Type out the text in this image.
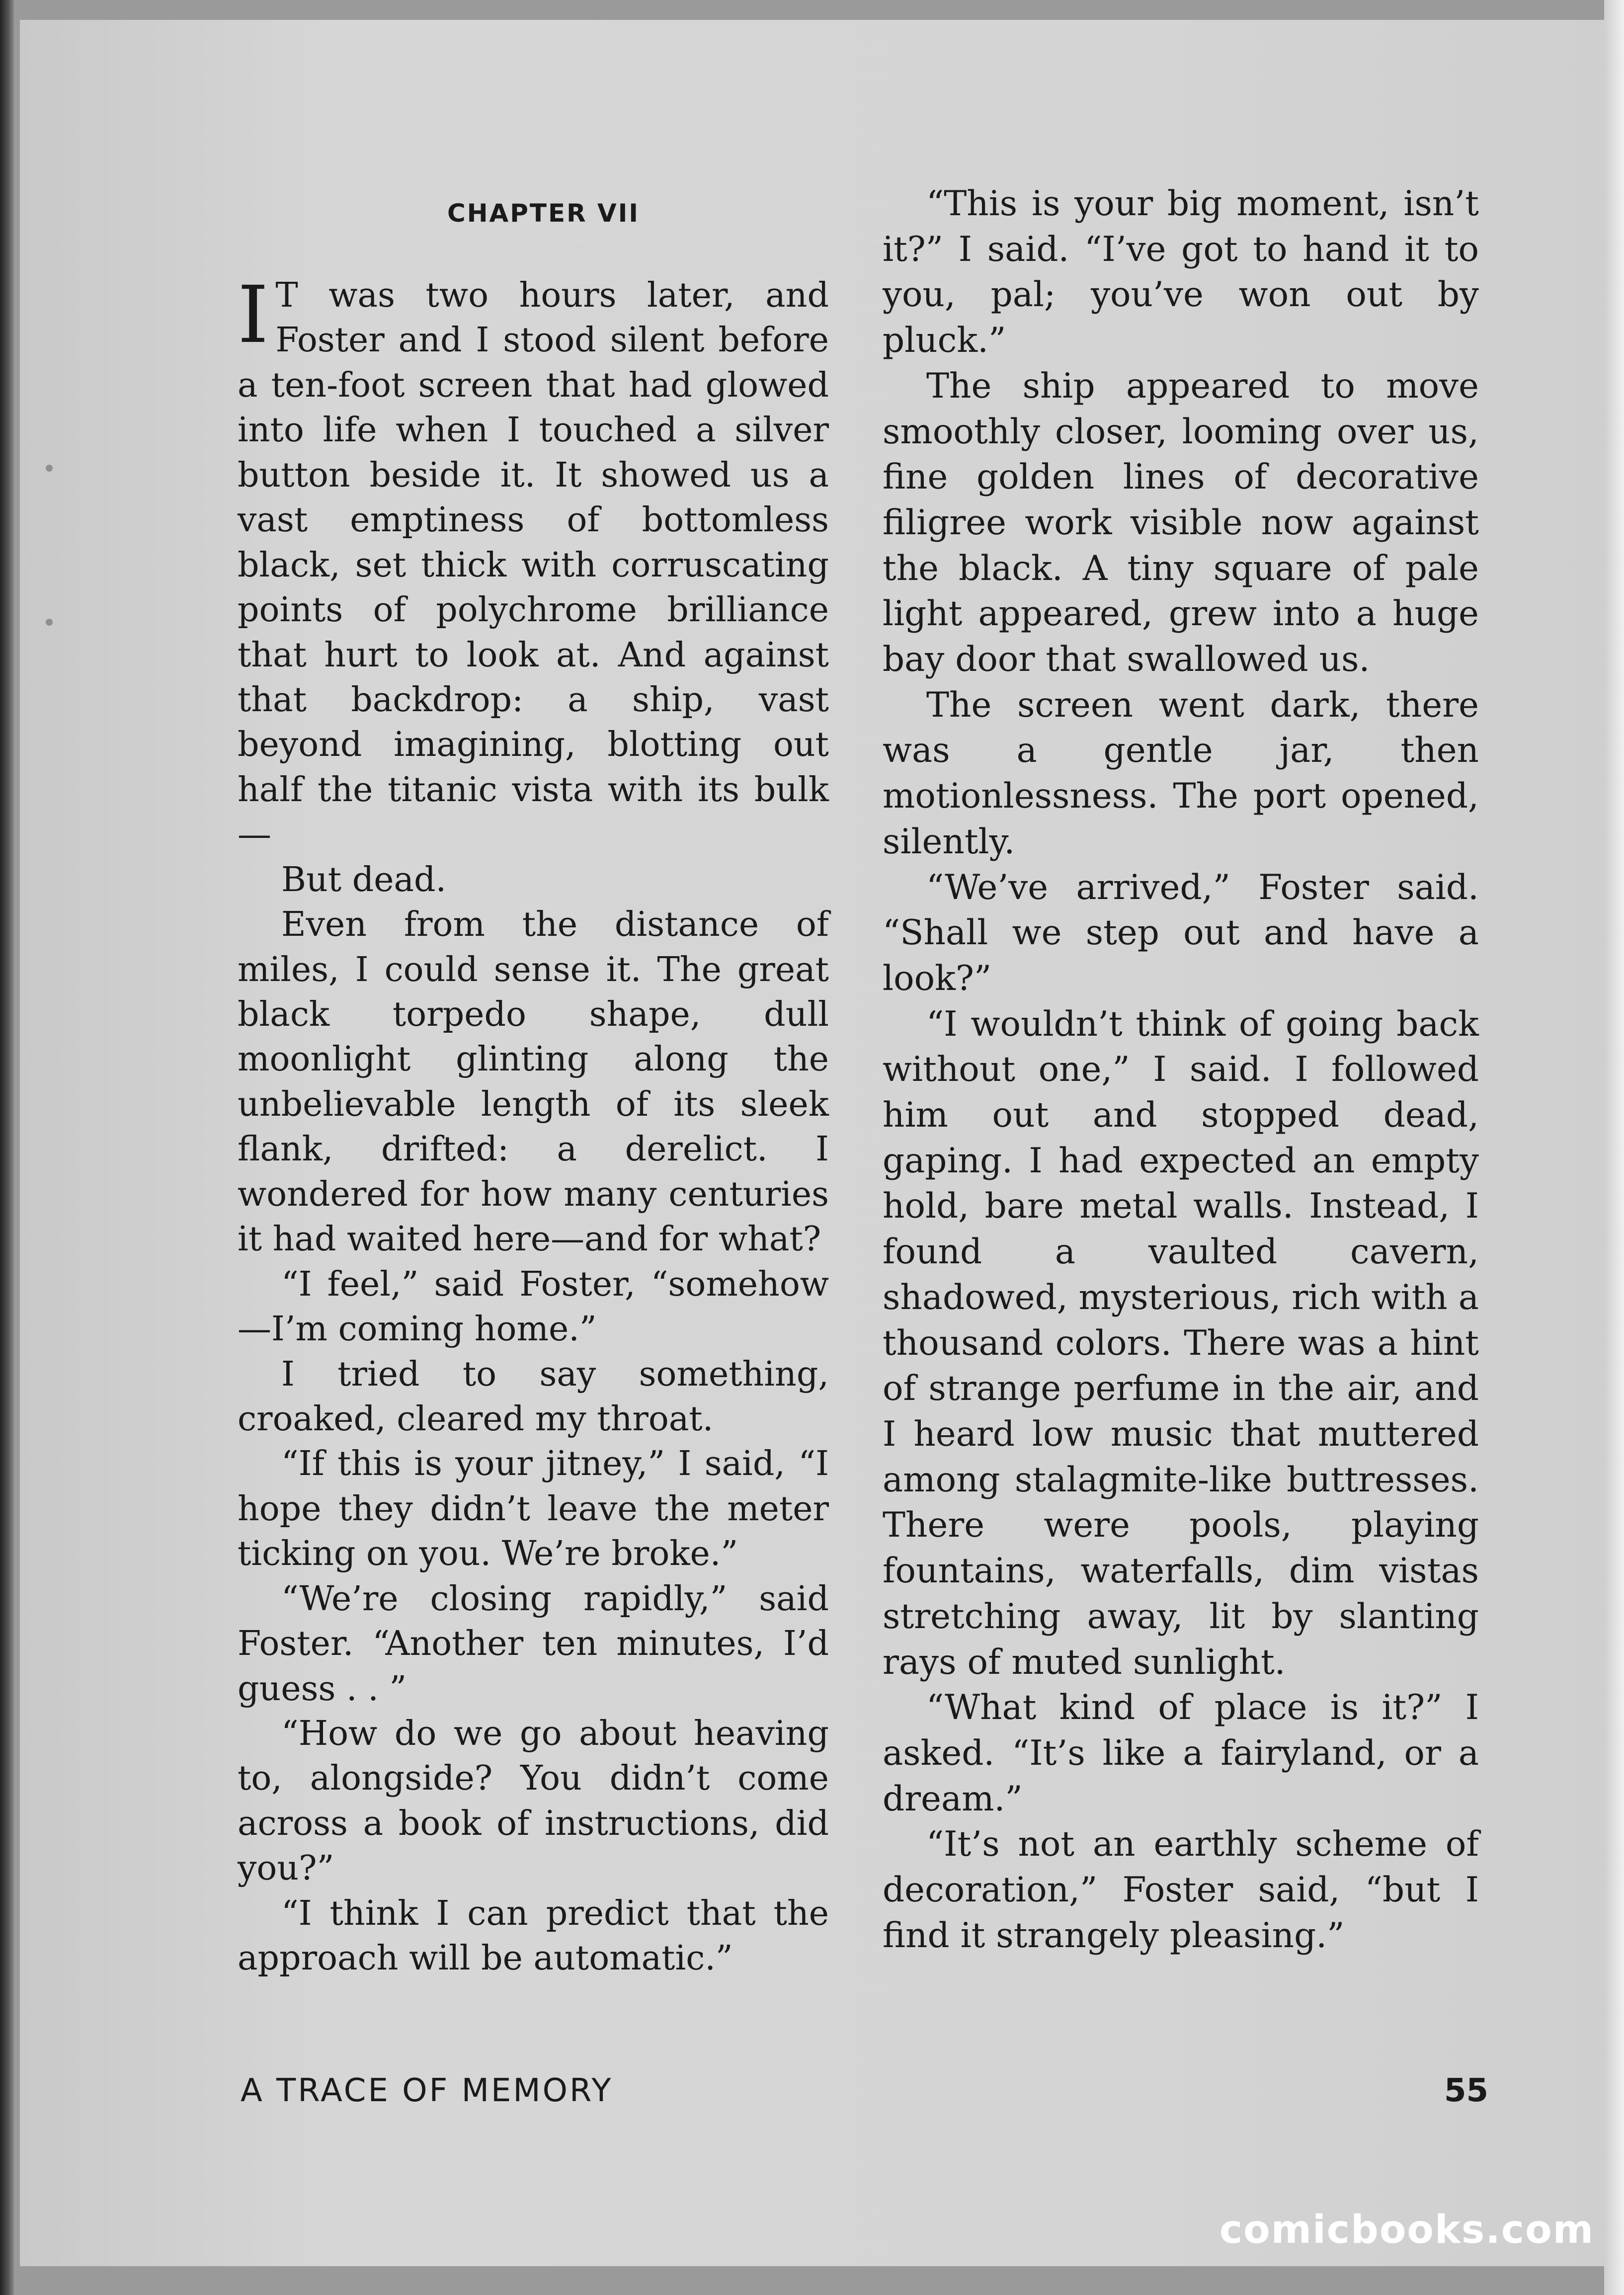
CHAPTER VII

I T was two hours later, and Foster and I stood silent before a ten-foot screen that had glowed into life when I touched a silver button beside it. It showed us a vast emptiness of bottomless black, set thick with corruscating points of polychrome brilliance that hurt to look at. And against that backdrop: a ship, vast beyond imagining, blotting out half the titanic vista with its bulk—

But dead.

Even from the distance of miles, I could sense it. The great black torpedo shape, dull moonlight glinting along the unbelievable length of its sleek flank, drifted: a derelict. I wondered for how many centuries it had waited here—and for what?

“I feel,” said Foster, “somehow—I’m coming home.”

I tried to say something, croaked, cleared my throat.

“If this is your jitney,” I said, “I hope they didn’t leave the meter ticking on you. We’re broke.”

“We’re closing rapidly,” said Foster. “Another ten minutes, I’d guess . . ”

“How do we go about heaving to, alongside? You didn’t come across a book of instructions, did you?”

“I think I can predict that the approach will be automatic.”

“This is your big moment, isn’t it?” I said. “I’ve got to hand it to you, pal; you’ve won out by pluck.”

The ship appeared to move smoothly closer, looming over us, fine golden lines of decorative filigree work visible now against the black. A tiny square of pale light appeared, grew into a huge bay door that swallowed us.

The screen went dark, there was a gentle jar, then motionlessness. The port opened, silently.

“We’ve arrived,” Foster said. “Shall we step out and have a look?”

“I wouldn’t think of going back without one,” I said. I followed him out and stopped dead, gaping. I had expected an empty hold, bare metal walls. Instead, I found a vaulted cavern, shadowed, mysterious, rich with a thousand colors. There was a hint of strange perfume in the air, and I heard low music that muttered among stalagmite-like buttresses. There were pools, playing fountains, waterfalls, dim vistas stretching away, lit by slanting rays of muted sunlight.

“What kind of place is it?” I asked. “It’s like a fairyland, or a dream.”

“It’s not an earthly scheme of decoration,” Foster said, “but I find it strangely pleasing.”

A TRACE OF MEMORY	55
comicbooks.com
